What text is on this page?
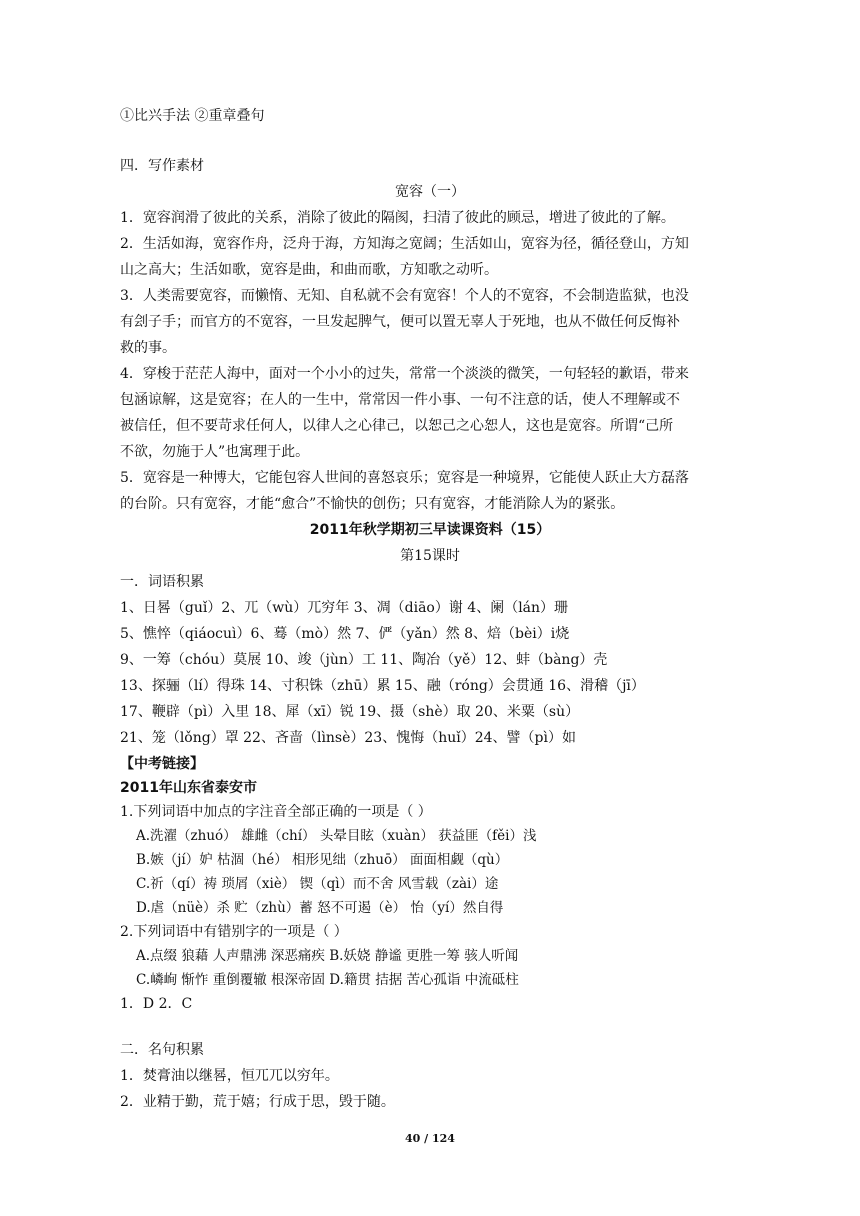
①比兴手法 ②重章叠句
四．写作素材
宽容（一）
1．宽容润滑了彼此的关系，消除了彼此的隔阂，扫清了彼此的顾忌，增进了彼此的了解。
2．生活如海，宽容作舟，泛舟于海，方知海之宽阔；生活如山，宽容为径，循径登山，方知
山之高大；生活如歌，宽容是曲，和曲而歌，方知歌之动听。
3．人类需要宽容，而懒惰、无知、自私就不会有宽容！个人的不宽容，不会制造监狱，也没
有刽子手；而官方的不宽容，一旦发起脾气，便可以置无辜人于死地，也从不做任何反悔补
救的事。
4．穿梭于茫茫人海中，面对一个小小的过失，常常一个淡淡的微笑，一句轻轻的歉语，带来
包涵谅解，这是宽容；在人的一生中，常常因一件小事、一句不注意的话，使人不理解或不
被信任，但不要苛求任何人，以律人之心律己，以恕己之心恕人，这也是宽容。所谓“己所
不欲，勿施于人”也寓理于此。
5．宽容是一种博大，它能包容人世间的喜怒哀乐；宽容是一种境界，它能使人跃止大方磊落
的台阶。只有宽容，才能“愈合”不愉快的创伤；只有宽容，才能消除人为的紧张。
2011年秋学期初三早读课资料（15）
第15课时
一．词语积累
1、日晷（guǐ）2、兀（wù）兀穷年 3、凋（diāo）谢 4、阑（lán）珊
5、憔悴（qiáocuì）6、蓦（mò）然 7、俨（yǎn）然 8、焙（bèi）i烧
9、一筹（chóu）莫展 10、竣（jùn）工 11、陶冶（yě）12、蚌（bàng）壳
13、探骊（lí）得珠 14、寸积铢（zhū）累 15、融（róng）会贯通 16、滑稽（jī）
17、鞭辟（pì）入里 18、犀（xī）锐 19、摄（shè）取 20、米粟（sù）
21、笼（lǒng）罩 22、吝啬（lìnsè）23、愧悔（huǐ）24、譬（pì）如
【中考链接】
2011年山东省泰安市
1.下列词语中加点的字注音全部正确的一项是（ ）
A.洗濯（zhuó） 雄雌（chí） 头晕目眩（xuàn） 获益匪（fěi）浅
B.嫉（jí）妒 枯涸（hé） 相形见绌（zhuō） 面面相觑（qù）
C.祈（qí）祷 琐屑（xiè） 锲（qì）而不舍 风雪载（zài）途
D.虐（nüè）杀 贮（zhù）蓄 怒不可遏（è） 怡（yí）然自得
2.下列词语中有错别字的一项是（ ）
A.点缀 狼藉 人声鼎沸 深恶痛疾 B.妖娆 静谧 更胜一筹 骇人听闻
C.嶙峋 惭怍 重倒覆辙 根深帝固 D.籍贯 拮据 苦心孤诣 中流砥柱
1．D 2．C
二．名句积累
1．焚膏油以继晷，恒兀兀以穷年。
2．业精于勤，荒于嬉；行成于思，毁于随。
40 / 124
